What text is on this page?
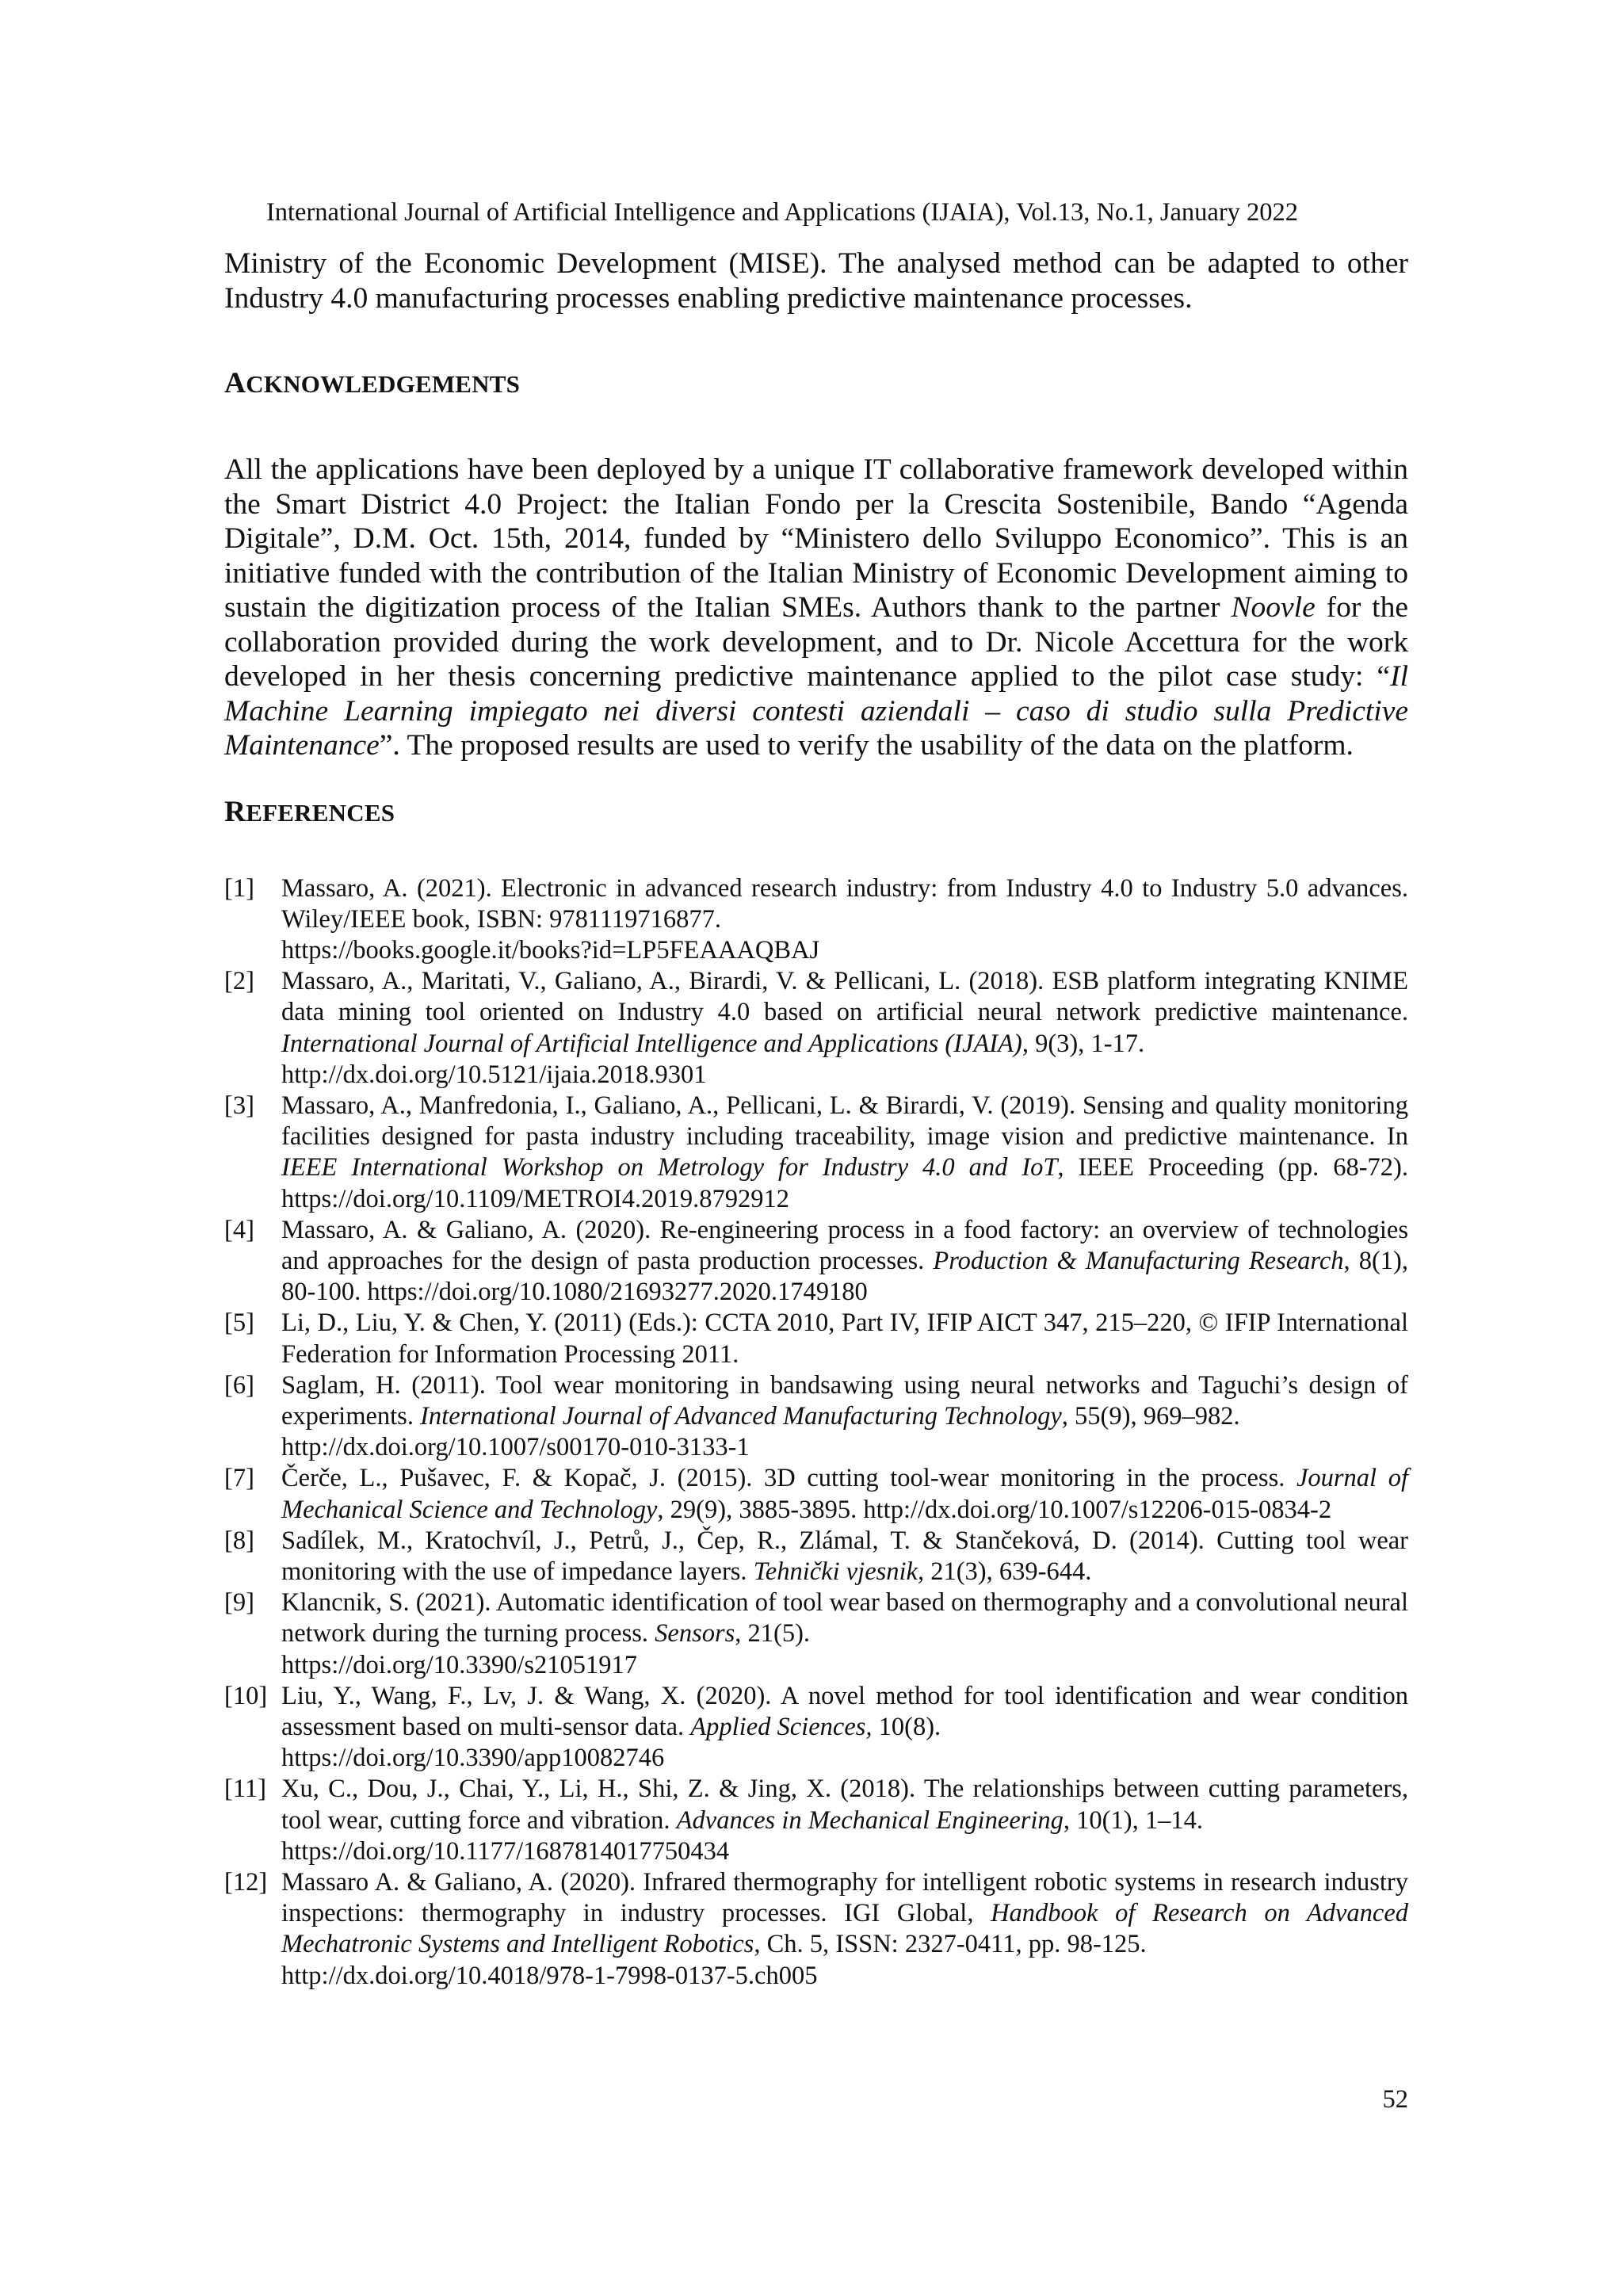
International Journal of Artificial Intelligence and Applications (IJAIA), Vol.13, No.1, January 2022

Ministry of the Economic Development (MISE). The analysed method can be adapted to other Industry 4.0 manufacturing processes enabling predictive maintenance processes.

ACKNOWLEDGEMENTS

All the applications have been deployed by a unique IT collaborative framework developed within the Smart District 4.0 Project: the Italian Fondo per la Crescita Sostenibile, Bando “Agenda Digitale”, D.M. Oct. 15th, 2014, funded by “Ministero dello Sviluppo Economico”. This is an initiative funded with the contribution of the Italian Ministry of Economic Development aiming to sustain the digitization process of the Italian SMEs. Authors thank to the partner Noovle for the collaboration provided during the work development, and to Dr. Nicole Accettura for the work developed in her thesis concerning predictive maintenance applied to the pilot case study: “Il Machine Learning impiegato nei diversi contesti aziendali – caso di studio sulla Predictive Maintenance”. The proposed results are used to verify the usability of the data on the platform.

REFERENCES
[1] Massaro, A. (2021). Electronic in advanced research industry: from Industry 4.0 to Industry 5.0 advances. Wiley/IEEE book, ISBN: 9781119716877.
https://books.google.it/books?id=LP5FEAAAQBAJ
[2] Massaro, A., Maritati, V., Galiano, A., Birardi, V. & Pellicani, L. (2018). ESB platform integrating KNIME data mining tool oriented on Industry 4.0 based on artificial neural network predictive maintenance. International Journal of Artificial Intelligence and Applications (IJAIA), 9(3), 1-17.
http://dx.doi.org/10.5121/ijaia.2018.9301
[3] Massaro, A., Manfredonia, I., Galiano, A., Pellicani, L. & Birardi, V. (2019). Sensing and quality monitoring facilities designed for pasta industry including traceability, image vision and predictive maintenance. In IEEE International Workshop on Metrology for Industry 4.0 and IoT, IEEE Proceeding (pp. 68-72). https://doi.org/10.1109/METROI4.2019.8792912
[4] Massaro, A. & Galiano, A. (2020). Re-engineering process in a food factory: an overview of technologies and approaches for the design of pasta production processes. Production & Manufacturing Research, 8(1), 80-100. https://doi.org/10.1080/21693277.2020.1749180
[5] Li, D., Liu, Y. & Chen, Y. (2011) (Eds.): CCTA 2010, Part IV, IFIP AICT 347, 215–220, © IFIP International Federation for Information Processing 2011.
[6] Saglam, H. (2011). Tool wear monitoring in bandsawing using neural networks and Taguchi’s design of experiments. International Journal of Advanced Manufacturing Technology, 55(9), 969–982.
http://dx.doi.org/10.1007/s00170-010-3133-1
[7] Čerče, L., Pušavec, F. & Kopač, J. (2015). 3D cutting tool-wear monitoring in the process. Journal of Mechanical Science and Technology, 29(9), 3885-3895. http://dx.doi.org/10.1007/s12206-015-0834-2
[8] Sadílek, M., Kratochvíl, J., Petrů, J., Čep, R., Zlámal, T. & Stančeková, D. (2014). Cutting tool wear monitoring with the use of impedance layers. Tehnički vjesnik, 21(3), 639-644.
[9] Klancnik, S. (2021). Automatic identification of tool wear based on thermography and a convolutional neural network during the turning process. Sensors, 21(5).
https://doi.org/10.3390/s21051917
[10] Liu, Y., Wang, F., Lv, J. & Wang, X. (2020). A novel method for tool identification and wear condition assessment based on multi-sensor data. Applied Sciences, 10(8).
https://doi.org/10.3390/app10082746
[11] Xu, C., Dou, J., Chai, Y., Li, H., Shi, Z. & Jing, X. (2018). The relationships between cutting parameters, tool wear, cutting force and vibration. Advances in Mechanical Engineering, 10(1), 1–14.
https://doi.org/10.1177/1687814017750434
[12] Massaro A. & Galiano, A. (2020). Infrared thermography for intelligent robotic systems in research industry inspections: thermography in industry processes. IGI Global, Handbook of Research on Advanced Mechatronic Systems and Intelligent Robotics, Ch. 5, ISSN: 2327-0411, pp. 98-125.
http://dx.doi.org/10.4018/978-1-7998-0137-5.ch005
52
